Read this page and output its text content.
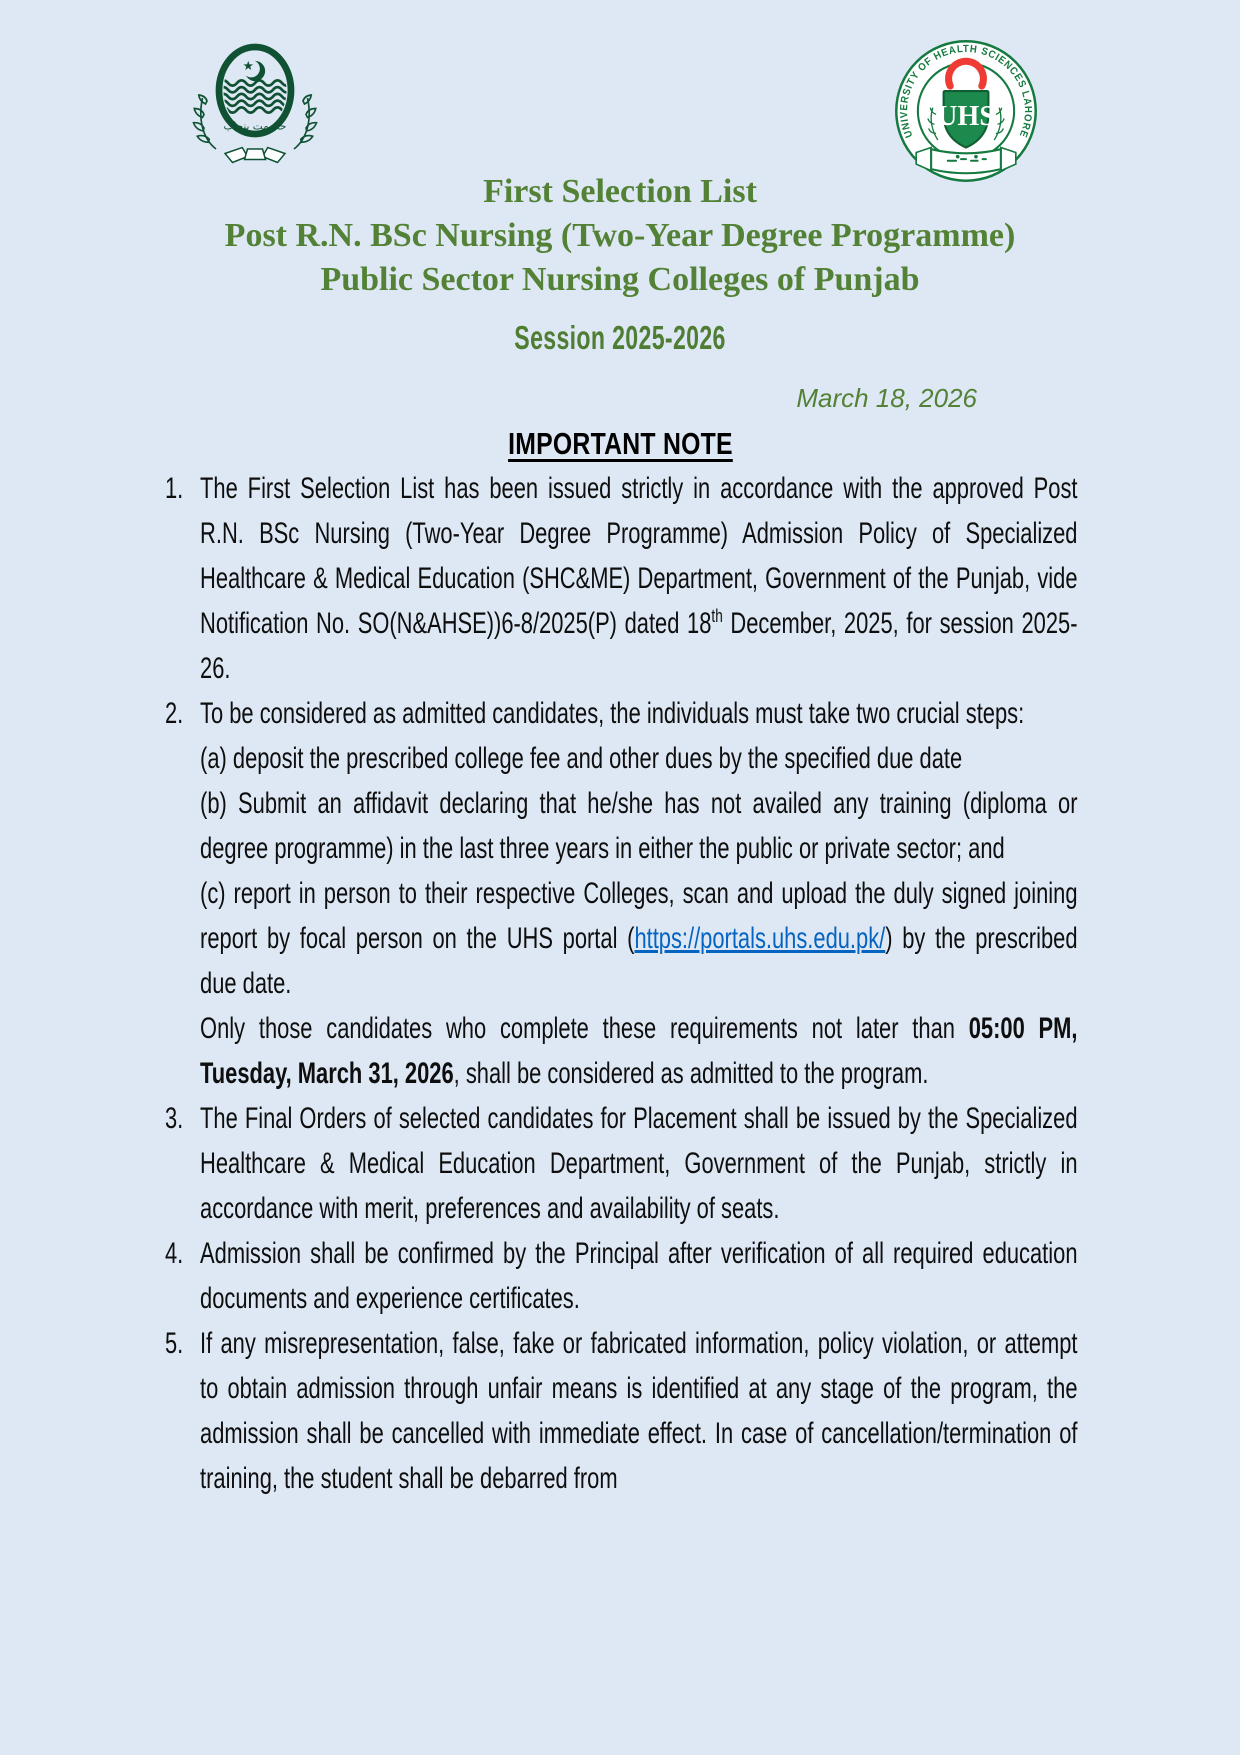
حکومت پنجاب
UNIVERSITY OF HEALTH SCIENCES LAHORE
UHS
First Selection List
Post R.N. BSc Nursing (Two-Year Degree Programme)
Public Sector Nursing Colleges of Punjab
Session 2025-2026
March 18, 2026
IMPORTANT NOTE
1. The First Selection List has been issued strictly in accordance with the approved Post R.N. BSc Nursing (Two-Year Degree Programme) Admission Policy of Specialized Healthcare & Medical Education (SHC&ME) Department, Government of the Punjab, vide Notification No. SO(N&AHSE))6-8/2025(P) dated 18th December, 2025, for session 2025-26.

2. To be considered as admitted candidates, the individuals must take two crucial steps:

(a) deposit the prescribed college fee and other dues by the specified due date

(b) Submit an affidavit declaring that he/she has not availed any training (diploma or degree programme) in the last three years in either the public or private sector; and

(c) report in person to their respective Colleges, scan and upload the duly signed joining report by focal person on the UHS portal (https://portals.uhs.edu.pk/) by the prescribed due date.

Only those candidates who complete these requirements not later than 05:00 PM, Tuesday, March 31, 2026, shall be considered as admitted to the program.

3. The Final Orders of selected candidates for Placement shall be issued by the Specialized Healthcare & Medical Education Department, Government of the Punjab, strictly in accordance with merit, preferences and availability of seats.

4. Admission shall be confirmed by the Principal after verification of all required education documents and experience certificates.

5. If any misrepresentation, false, fake or fabricated information, policy violation, or attempt to obtain admission through unfair means is identified at any stage of the program, the admission shall be cancelled with immediate effect. In case of cancellation/termination of training, the student shall be debarred from
